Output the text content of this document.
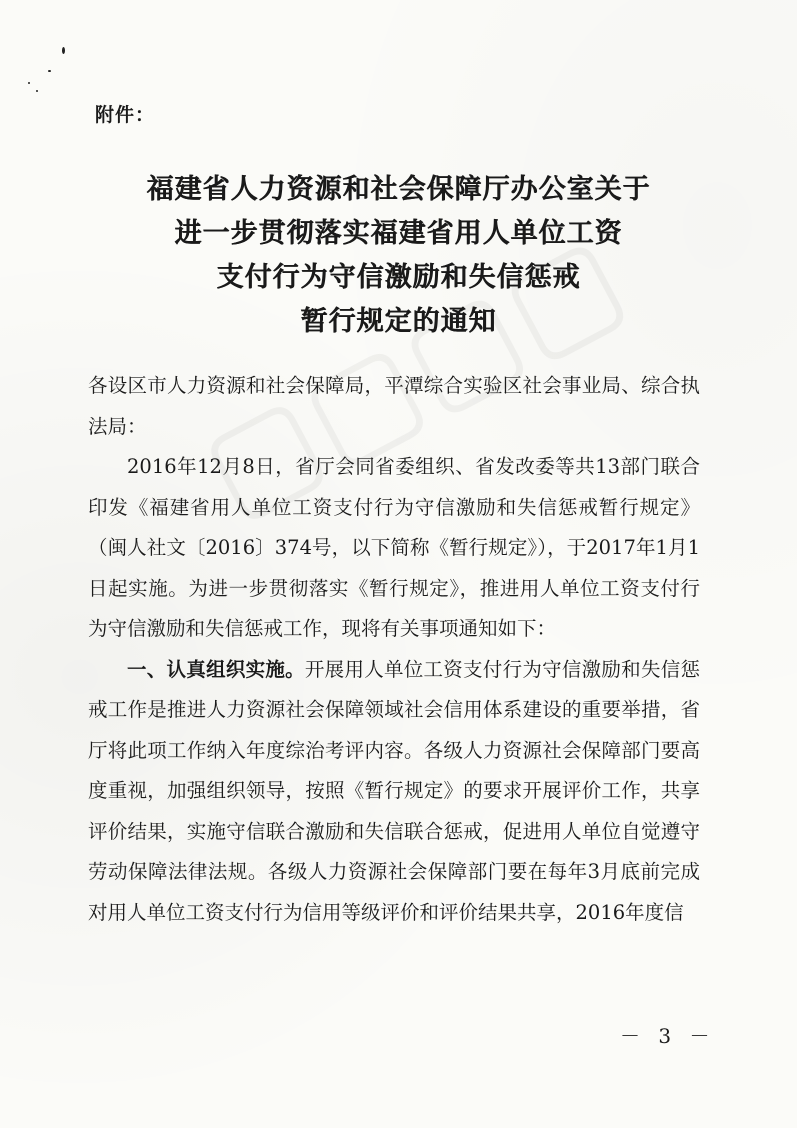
附件：
福建省人力资源和社会保障厅办公室关于
进一步贯彻落实福建省用人单位工资
支付行为守信激励和失信惩戒
暂行规定的通知

各设区市人力资源和社会保障局，平潭综合实验区社会事业局、综合执法局：

2016年12月8日，省厅会同省委组织、省发改委等共13部门联合印发《福建省用人单位工资支付行为守信激励和失信惩戒暂行规定》（闽人社文〔2016〕374号，以下简称《暂行规定》），于2017年1月1日起实施。为进一步贯彻落实《暂行规定》，推进用人单位工资支付行为守信激励和失信惩戒工作，现将有关事项通知如下：

一、认真组织实施。开展用人单位工资支付行为守信激励和失信惩戒工作是推进人力资源社会保障领域社会信用体系建设的重要举措，省厅将此项工作纳入年度综治考评内容。各级人力资源社会保障部门要高度重视，加强组织领导，按照《暂行规定》的要求开展评价工作，共享评价结果，实施守信联合激励和失信联合惩戒，促进用人单位自觉遵守劳动保障法律法规。各级人力资源社会保障部门要在每年3月底前完成对用人单位工资支付行为信用等级评价和评价结果共享，2016年度信

－ 3 －
